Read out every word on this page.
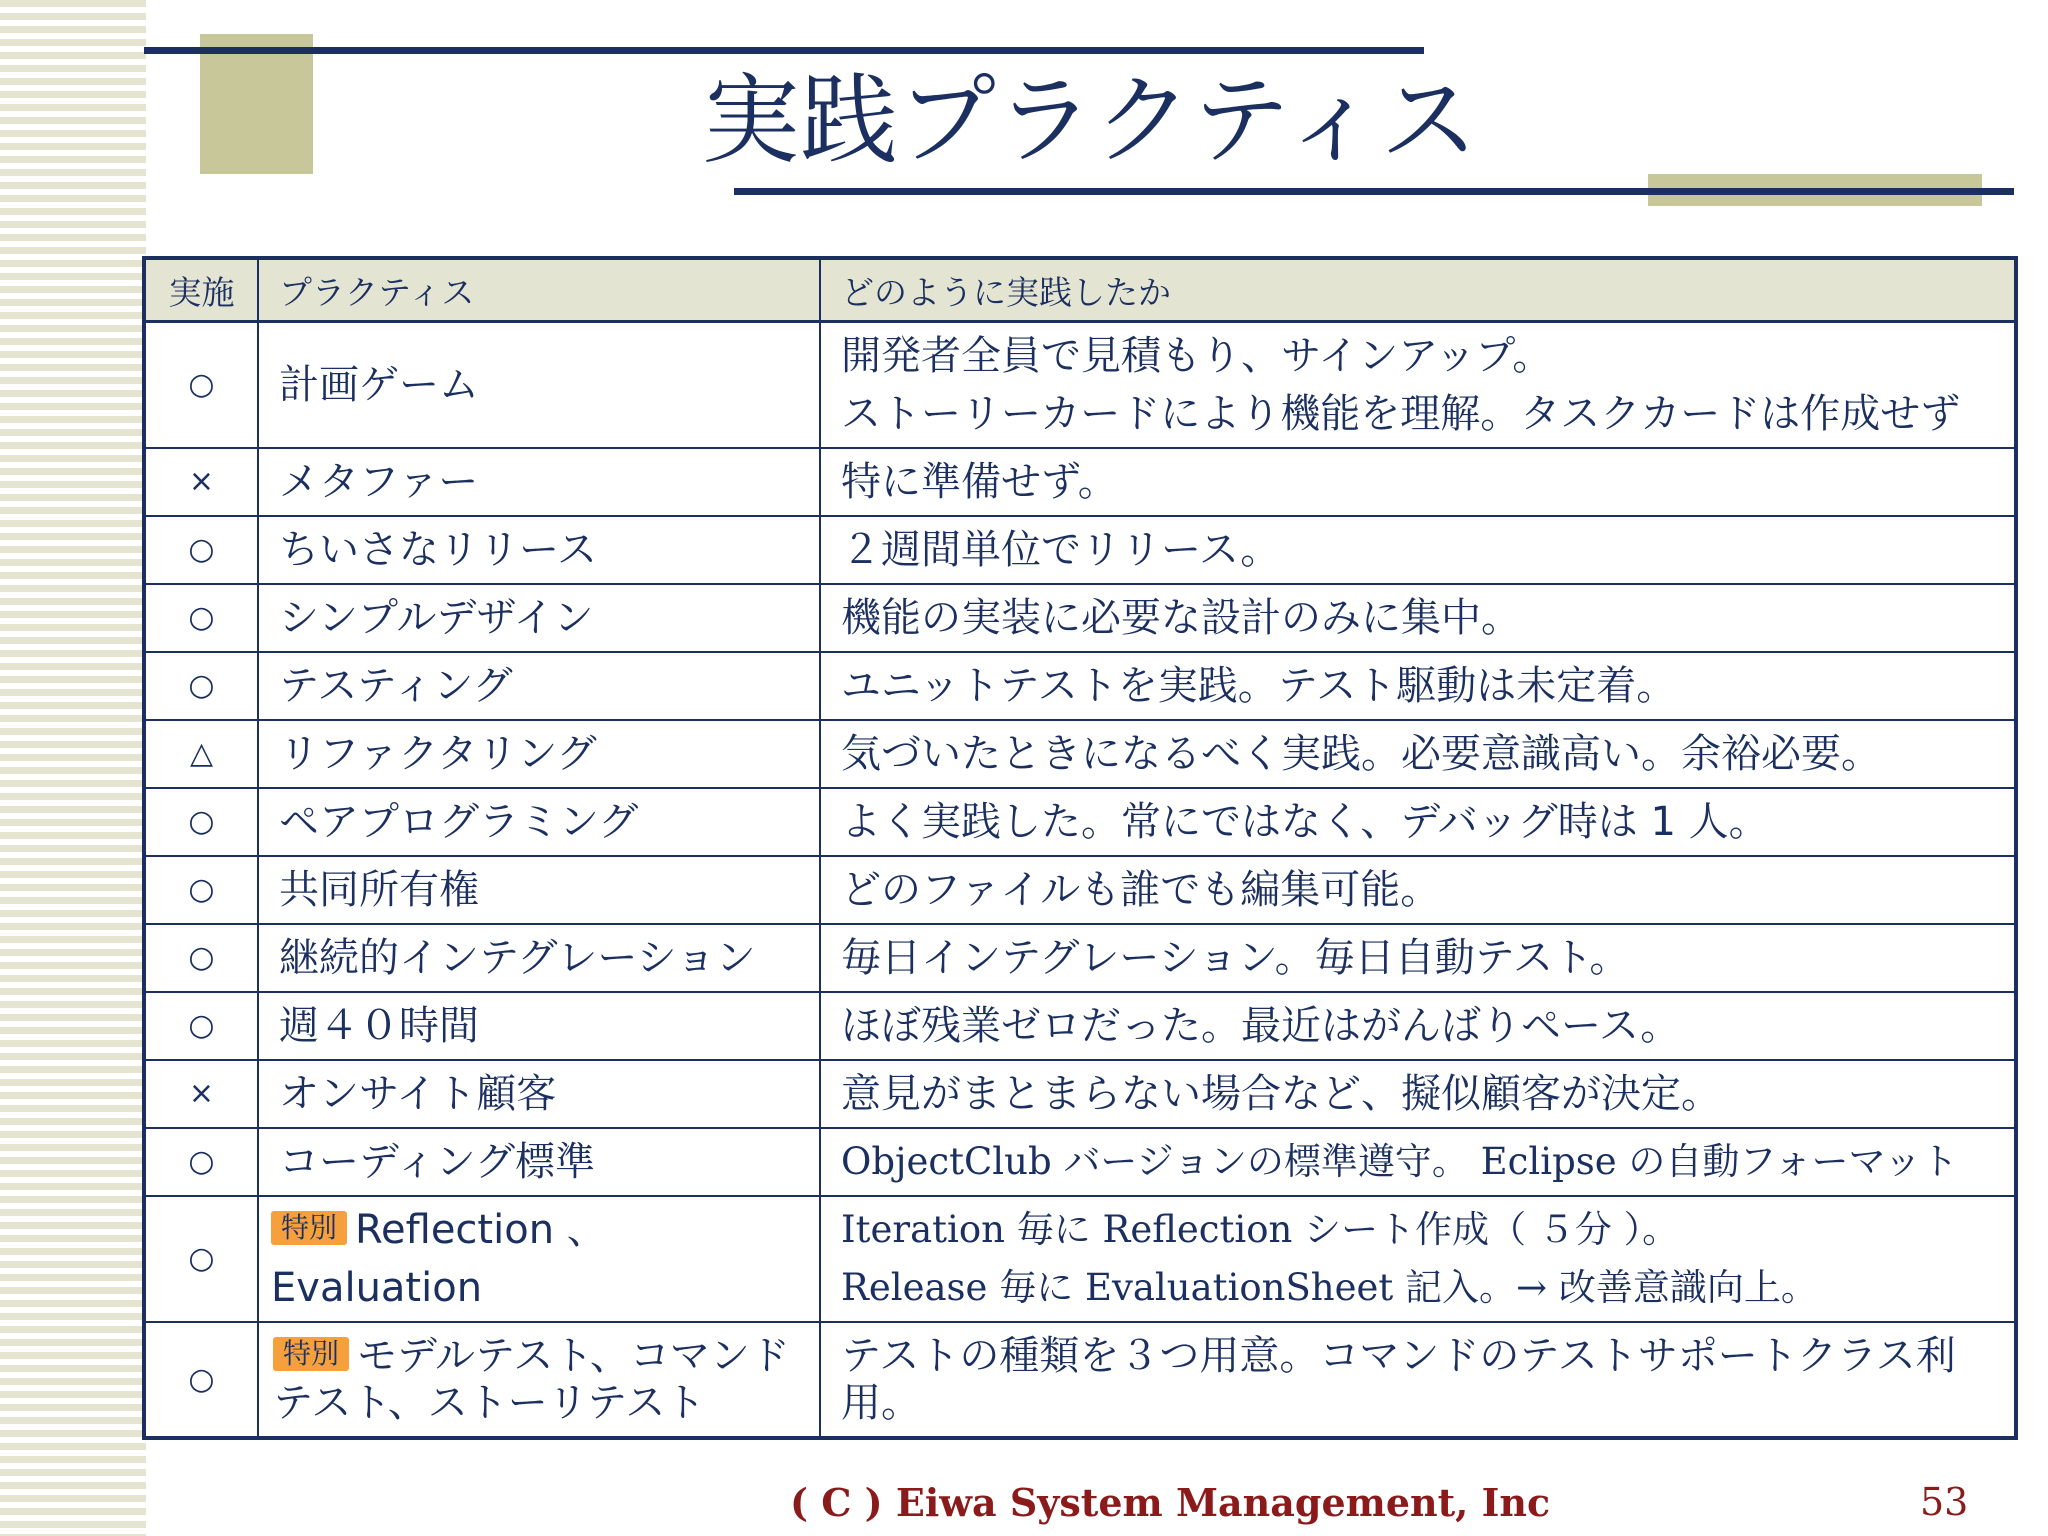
実践プラクティス
実施	プラクティス	どのように実践したか
○	計画ゲーム	開発者全員で見積もり、サインアップ。
ストーリーカードにより機能を理解。タスクカードは作成せず

×	メタファー	特に準備せず。
○	ちいさなリリース	２週間単位でリリース。
○	シンプルデザイン	機能の実装に必要な設計のみに集中。
○	テスティング	ユニットテストを実践。テスト駆動は未定着。
△	リファクタリング	気づいたときになるべく実践。必要意識高い。余裕必要。
○	ペアプログラミング	よく実践した。常にではなく、デバッグ時は 1 人。
○	共同所有権	どのファイルも誰でも編集可能。
○	継続的インテグレーション	毎日インテグレーション。毎日自動テスト。
○	週４０時間	ほぼ残業ゼロだった。最近はがんばりペース。
×	オンサイト顧客	意見がまとまらない場合など、擬似顧客が決定。
○	コーディング標準	ObjectClub バージョンの標準遵守。 Eclipse の自動フォーマット
○	特別 Reflection 、 Evaluation	Iteration 毎に Reflection シート作成（ ５分 ）。
Release 毎に EvaluationSheet 記入。→ 改善意識向上。

○	特別 モデルテスト、コマンドテスト、ストーリテスト	テストの種類を３つ用意。コマンドのテストサポートクラス利用。
( C ) Eiwa System Management, Inc	53
